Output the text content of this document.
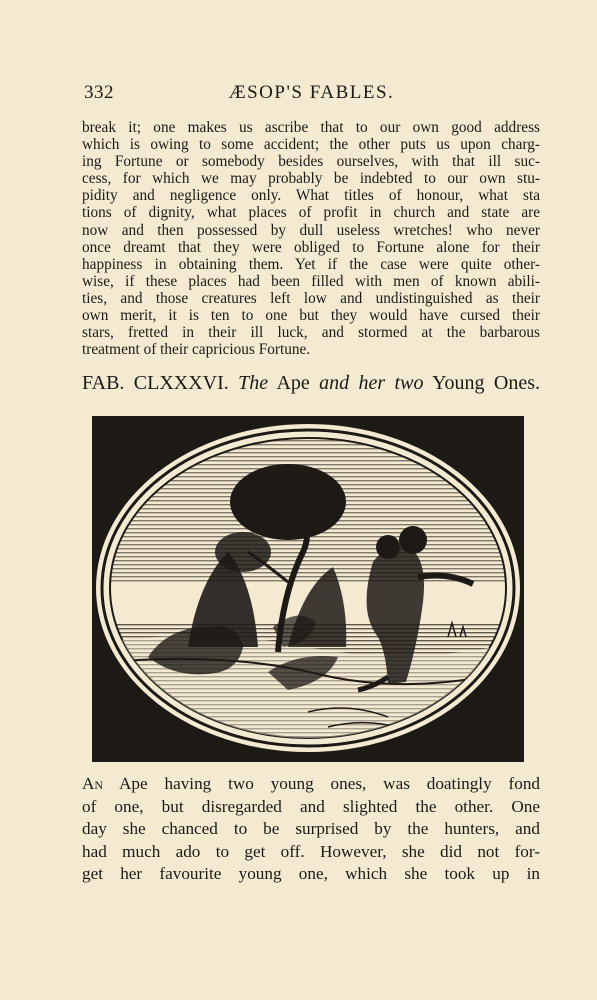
332	ÆSOP'S FABLES.
break it; one makes us ascribe that to our own good address
which is owing to some accident; the other puts us upon charg-
ing Fortune or somebody besides ourselves, with that ill suc-
cess, for which we may probably be indebted to our own stu-
pidity and negligence only. What titles of honour, what sta
tions of dignity, what places of profit in church and state are
now and then possessed by dull useless wretches! who never
once dreamt that they were obliged to Fortune alone for their
happiness in obtaining them. Yet if the case were quite other-
wise, if these places had been filled with men of known abili-
ties, and those creatures left low and undistinguished as their
own merit, it is ten to one but they would have cursed their
stars, fretted in their ill luck, and stormed at the barbarous
treatment of their capricious Fortune.
FAB. CLXXXVI. The Ape and her two Young Ones.
An Ape having two young ones, was doatingly fond
of one, but disregarded and slighted the other. One
day she chanced to be surprised by the hunters, and
had much ado to get off. However, she did not for-
get her favourite young one, which she took up in
